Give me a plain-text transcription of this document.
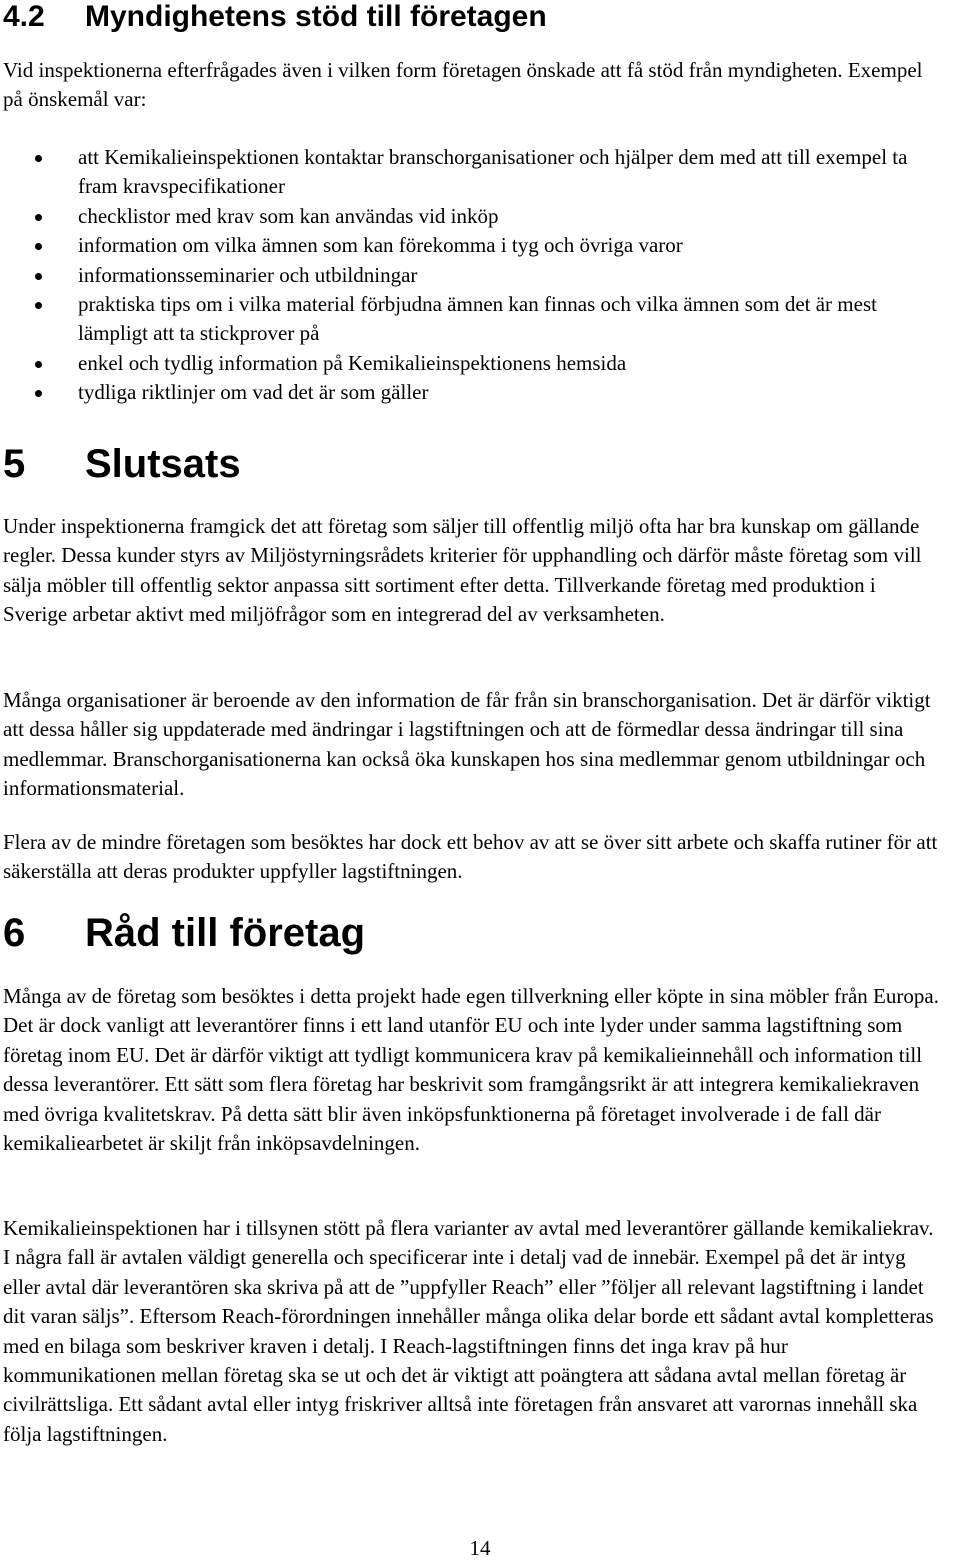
4.2	Myndighetens stöd till företagen

Vid inspektionerna efterfrågades även i vilken form företagen önskade att få stöd från myndigheten. Exempel på önskemål var:

att Kemikalieinspektionen kontaktar branschorganisationer och hjälper dem med att till exempel ta fram kravspecifikationer
checklistor med krav som kan användas vid inköp
information om vilka ämnen som kan förekomma i tyg och övriga varor
informationsseminarier och utbildningar
praktiska tips om i vilka material förbjudna ämnen kan finnas och vilka ämnen som det är mest lämpligt att ta stickprover på
enkel och tydlig information på Kemikalieinspektionens hemsida
tydliga riktlinjer om vad det är som gäller
5	Slutsats

Under inspektionerna framgick det att företag som säljer till offentlig miljö ofta har bra kunskap om gällande regler. Dessa kunder styrs av Miljöstyrningsrådets kriterier för upphandling och därför måste företag som vill sälja möbler till offentlig sektor anpassa sitt sortiment efter detta. Tillverkande företag med produktion i Sverige arbetar aktivt med miljöfrågor som en integrerad del av verksamheten.

Många organisationer är beroende av den information de får från sin branschorganisation. Det är därför viktigt att dessa håller sig uppdaterade med ändringar i lagstiftningen och att de förmedlar dessa ändringar till sina medlemmar. Branschorganisationerna kan också öka kunskapen hos sina medlemmar genom utbildningar och informationsmaterial.

Flera av de mindre företagen som besöktes har dock ett behov av att se över sitt arbete och skaffa rutiner för att säkerställa att deras produkter uppfyller lagstiftningen.

6	Råd till företag

Många av de företag som besöktes i detta projekt hade egen tillverkning eller köpte in sina möbler från Europa. Det är dock vanligt att leverantörer finns i ett land utanför EU och inte lyder under samma lagstiftning som företag inom EU. Det är därför viktigt att tydligt kommunicera krav på kemikalieinnehåll och information till dessa leverantörer. Ett sätt som flera företag har beskrivit som framgångsrikt är att integrera kemikaliekraven med övriga kvalitetskrav. På detta sätt blir även inköpsfunktionerna på företaget involverade i de fall där kemikaliearbetet är skiljt från inköpsavdelningen.

Kemikalieinspektionen har i tillsynen stött på flera varianter av avtal med leverantörer gällande kemikaliekrav. I några fall är avtalen väldigt generella och specificerar inte i detalj vad de innebär. Exempel på det är intyg eller avtal där leverantören ska skriva på att de ”uppfyller Reach” eller ”följer all relevant lagstiftning i landet dit varan säljs”. Eftersom Reach-förordningen innehåller många olika delar borde ett sådant avtal kompletteras med en bilaga som beskriver kraven i detalj. I Reach-lagstiftningen finns det inga krav på hur kommunikationen mellan företag ska se ut och det är viktigt att poängtera att sådana avtal mellan företag är civilrättsliga. Ett sådant avtal eller intyg friskriver alltså inte företagen från ansvaret att varornas innehåll ska följa lagstiftningen.

14
